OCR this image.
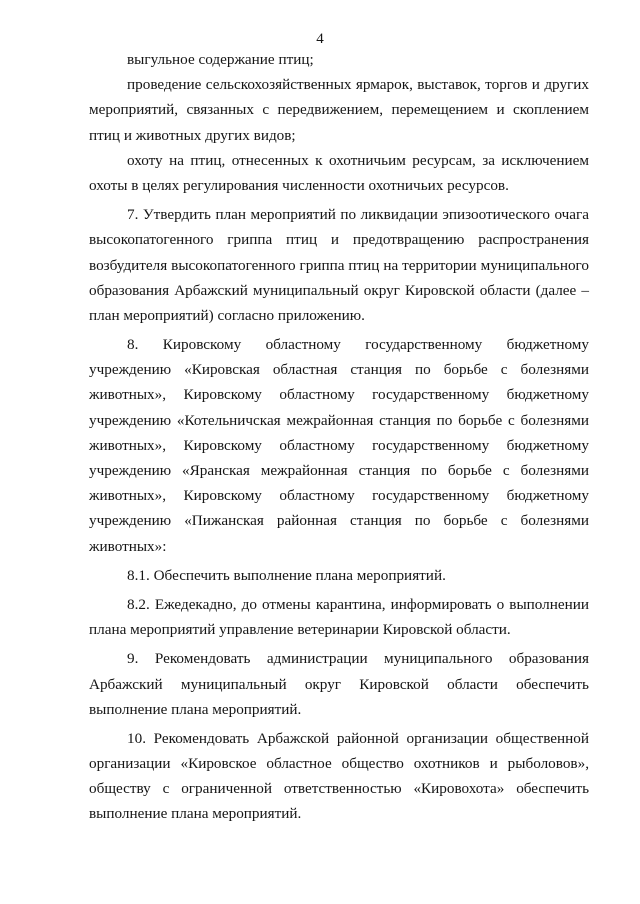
4
выгульное содержание птиц;
проведение сельскохозяйственных ярмарок, выставок, торгов и других
мероприятий, связанных с передвижением, перемещением и скоплением
птиц и животных других видов;
охоту на птиц, отнесенных к охотничьим ресурсам, за исключением
охоты в целях регулирования численности охотничьих ресурсов.
7. Утвердить план мероприятий по ликвидации эпизоотического очага
высокопатогенного гриппа птиц и предотвращению распространения
возбудителя высокопатогенного гриппа птиц на территории муниципального
образования Арбажский муниципальный округ Кировской области (далее –
план мероприятий) согласно приложению.
8. Кировскому областному государственному бюджетному
учреждению «Кировская областная станция по борьбе с болезнями
животных», Кировскому областному государственному бюджетному
учреждению «Котельничская межрайонная станция по борьбе с болезнями
животных», Кировскому областному государственному бюджетному
учреждению «Яранская межрайонная станция по борьбе с болезнями
животных», Кировскому областному государственному бюджетному
учреждению «Пижанская районная станция по борьбе с болезнями
животных»:
8.1. Обеспечить выполнение плана мероприятий.
8.2. Ежедекадно, до отмены карантина, информировать о выполнении
плана мероприятий управление ветеринарии Кировской области.
9. Рекомендовать администрации муниципального образования
Арбажский муниципальный округ Кировской области обеспечить
выполнение плана мероприятий.
10. Рекомендовать Арбажской районной организации общественной
организации «Кировское областное общество охотников и рыболовов»,
обществу с ограниченной ответственностью «Кировохота» обеспечить
выполнение плана мероприятий.
